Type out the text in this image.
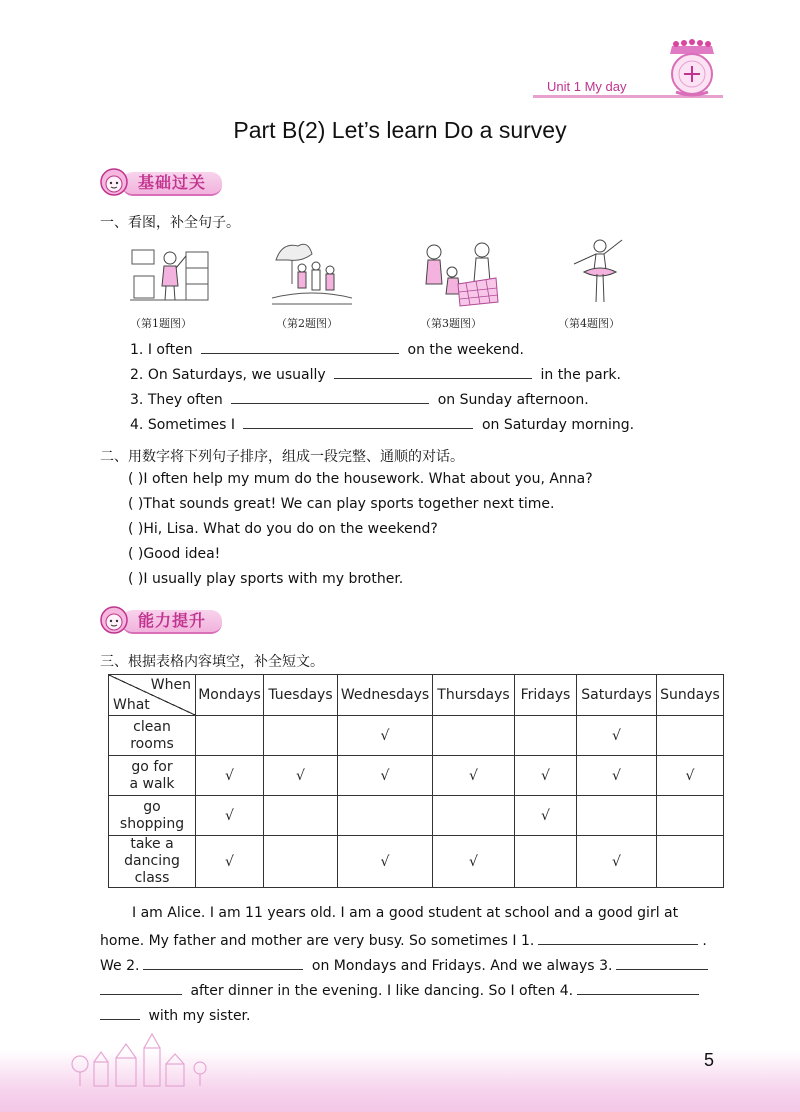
Unit 1 My day
Part B(2) Let’s learn Do a survey
基础过关
一、看图，补全句子。
（第1题图）	（第2题图）	（第3题图）	（第4题图）
1. I often	on the weekend.
2. On Saturdays, we usually	in the park.
3. They often	on Sunday afternoon.
4. Sometimes I	on Saturday morning.
二、用数字将下列句子排序，组成一段完整、通顺的对话。
( )I often help my mum do the housework. What about you, Anna?
( )That sounds great! We can play sports together next time.
( )Hi, Lisa. What do you do on the weekend?
( )Good idea!
( )I usually play sports with my brother.
能力提升
三、根据表格内容填空，补全短文。
When
What	Mondays	Tuesdays	Wednesdays	Thursdays	Fridays	Saturdays	Sundays
clean
rooms			√			√	
go for
a walk	√	√	√	√	√	√	√
go
shopping	√				√		
take a
dancing
class	√		√	√		√	
I am Alice. I am 11 years old. I am a good student at school and a good girl at
home. My father and mother are very busy. So sometimes I 1.	.
We 2.	on Mondays and Fridays. And we always 3.
after dinner in the evening. I like dancing. So I often 4.
with my sister.
5
